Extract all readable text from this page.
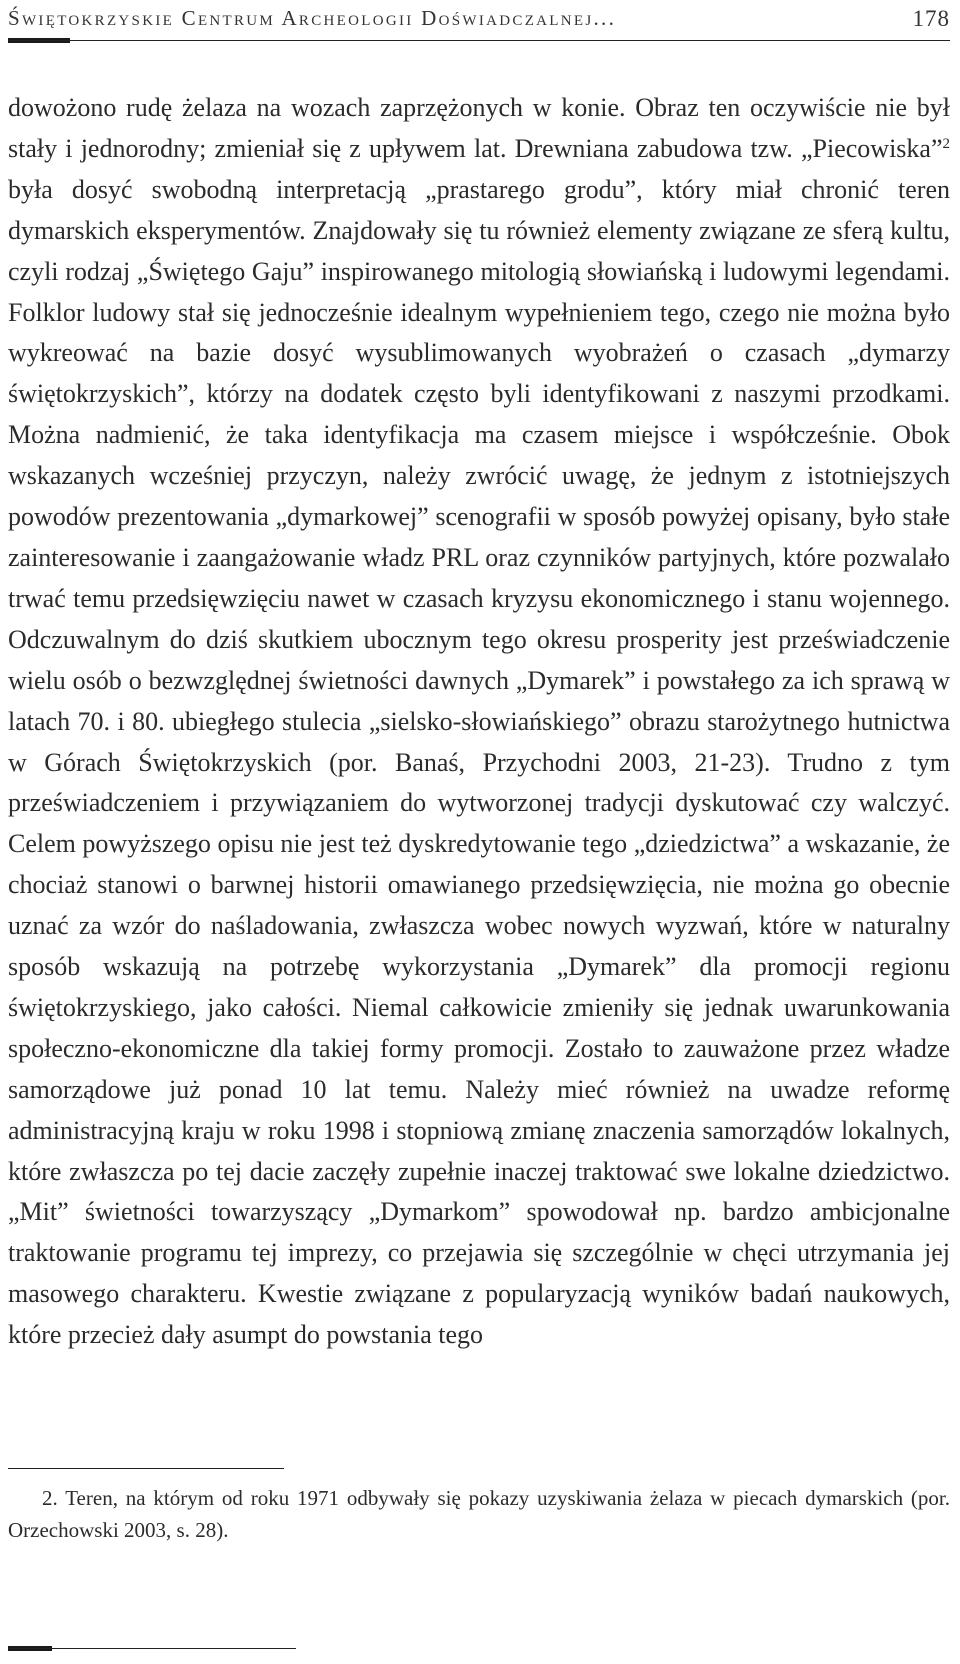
Świętokrzyskie Centrum Archeologii Doświadczalnej...	178

dowożono rudę żelaza na wozach zaprzężonych w konie. Obraz ten oczywiście nie był stały i jednorodny; zmieniał się z upływem lat. Drewniana zabudowa tzw. „Piecowiska”$^2$ była dosyć swobodną interpretacją „prastarego grodu”, który miał chronić teren dymarskich eksperymentów. Znajdowały się tu również elementy związane ze sferą kultu, czyli rodzaj „Świętego Gaju” inspirowanego mitologią słowiańską i ludowymi legendami. Folklor ludowy stał się jednocześnie idealnym wypełnieniem tego, czego nie można było wykreować na bazie dosyć wysublimowanych wyobrażeń o czasach „dymarzy świętokrzyskich”, którzy na dodatek często byli identyfikowani z naszymi przodkami. Można nadmienić, że taka identyfikacja ma czasem miejsce i współcześnie. Obok wskazanych wcześniej przyczyn, należy zwrócić uwagę, że jednym z istotniejszych powodów prezentowania „dymarkowej” scenografii w sposób powyżej opisany, było stałe zainteresowanie i zaangażowanie władz PRL oraz czynników partyjnych, które pozwalało trwać temu przedsięwzięciu nawet w czasach kryzysu ekonomicznego i stanu wojennego. Odczuwalnym do dziś skutkiem ubocznym tego okresu prosperity jest przeświadczenie wielu osób o bezwzględnej świetności dawnych „Dymarek” i powstałego za ich sprawą w latach 70. i 80. ubiegłego stulecia „sielsko-słowiańskiego” obrazu starożytnego hutnictwa w Górach Świętokrzyskich (por. Banaś, Przychodni 2003, 21-23). Trudno z tym przeświadczeniem i przywiązaniem do wytworzonej tradycji dyskutować czy walczyć. Celem powyższego opisu nie jest też dyskredytowanie tego „dziedzictwa” a wskazanie, że chociaż stanowi o barwnej historii omawianego przedsięwzięcia, nie można go obecnie uznać za wzór do naśladowania, zwłaszcza wobec nowych wyzwań, które w naturalny sposób wskazują na potrzebę wykorzystania „Dymarek” dla promocji regionu świętokrzyskiego, jako całości. Niemal całkowicie zmieniły się jednak uwarunkowania społeczno-ekonomiczne dla takiej formy promocji. Zostało to zauważone przez władze samorządowe już ponad 10 lat temu. Należy mieć również na uwadze reformę administracyjną kraju w roku 1998 i stopniową zmianę znaczenia samorządów lokalnych, które zwłaszcza po tej dacie zaczęły zupełnie inaczej traktować swe lokalne dziedzictwo. „Mit” świetności towarzyszący „Dymarkom” spowodował np. bardzo ambicjonalne traktowanie programu tej imprezy, co przejawia się szczególnie w chęci utrzymania jej masowego charakteru. Kwestie związane z popularyzacją wyników badań naukowych, które przecież dały asumpt do powstania tego

2. Teren, na którym od roku 1971 odbywały się pokazy uzyskiwania żelaza w piecach dymarskich (por. Orzechowski 2003, s. 28).
